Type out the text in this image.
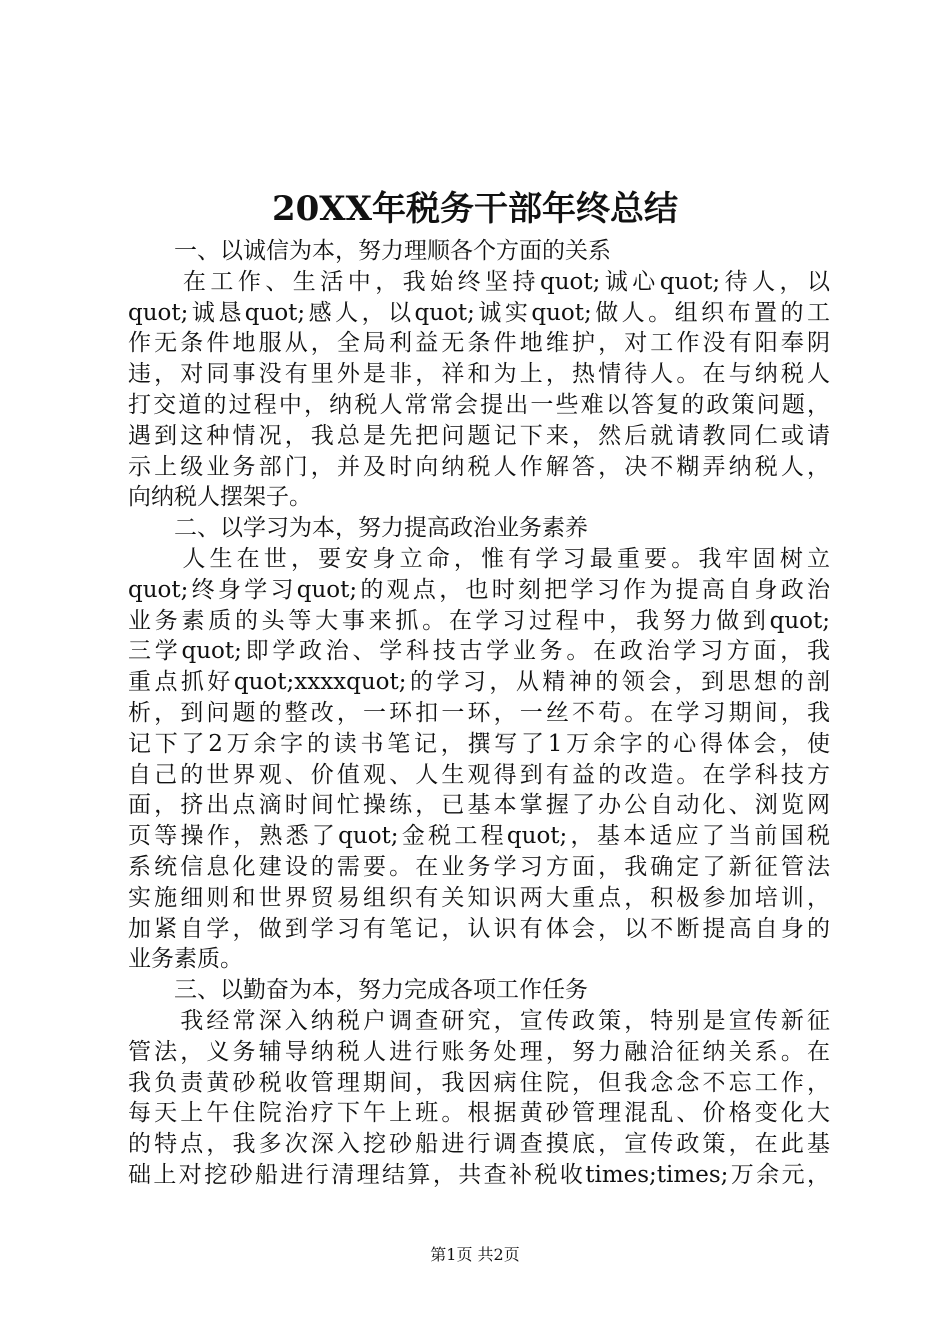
20XX年税务干部年终总结
　　一、以诚信为本，努力理顺各个方面的关系
　　在工作、生活中，我始终坚持quot;诚心quot;待人，以
quot;诚恳quot;感人，以quot;诚实quot;做人。组织布置的工
作无条件地服从，全局利益无条件地维护，对工作没有阳奉阴
违，对同事没有里外是非，祥和为上，热情待人。在与纳税人
打交道的过程中，纳税人常常会提出一些难以答复的政策问题，
遇到这种情况，我总是先把问题记下来，然后就请教同仁或请
示上级业务部门，并及时向纳税人作解答，决不糊弄纳税人，
向纳税人摆架子。
　　二、以学习为本，努力提高政治业务素养
　　人生在世，要安身立命，惟有学习最重要。我牢固树立
quot;终身学习quot;的观点，也时刻把学习作为提高自身政治
业务素质的头等大事来抓。在学习过程中，我努力做到quot;
三学quot;即学政治、学科技古学业务。在政治学习方面，我
重点抓好quot;xxxxquot;的学习，从精神的领会，到思想的剖
析，到问题的整改，一环扣一环，一丝不苟。在学习期间，我
记下了2万余字的读书笔记，撰写了1万余字的心得体会，使
自己的世界观、价值观、人生观得到有益的改造。在学科技方
面，挤出点滴时间忙操练，已基本掌握了办公自动化、浏览网
页等操作，熟悉了quot;金税工程quot;，基本适应了当前国税
系统信息化建设的需要。在业务学习方面，我确定了新征管法
实施细则和世界贸易组织有关知识两大重点，积极参加培训，
加紧自学，做到学习有笔记，认识有体会，以不断提高自身的
业务素质。
　　三、以勤奋为本，努力完成各项工作任务
　　我经常深入纳税户调查研究，宣传政策，特别是宣传新征
管法，义务辅导纳税人进行账务处理，努力融洽征纳关系。在
我负责黄砂税收管理期间，我因病住院，但我念念不忘工作，
每天上午住院治疗下午上班。根据黄砂管理混乱、价格变化大
的特点，我多次深入挖砂船进行调查摸底，宣传政策，在此基
础上对挖砂船进行清理结算，共查补税收times;times;万余元，
第1页 共2页
